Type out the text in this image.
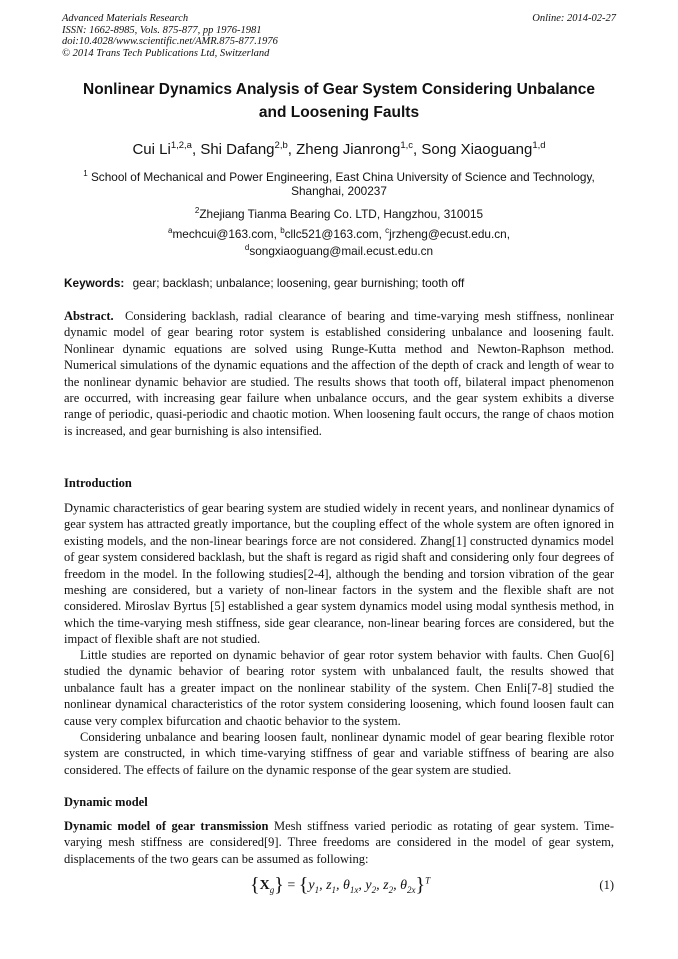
Advanced Materials Research
ISSN: 1662-8985, Vols. 875-877, pp 1976-1981
doi:10.4028/www.scientific.net/AMR.875-877.1976
© 2014 Trans Tech Publications Ltd, Switzerland
Online: 2014-02-27
Nonlinear Dynamics Analysis of Gear System Considering Unbalance
and Loosening Faults
Cui Li$^{1,2,a}$, Shi Dafang$^{2,b}$, Zheng Jianrong$^{1,c}$, Song Xiaoguang$^{1,d}$
$^1$ School of Mechanical and Power Engineering, East China University of Science and Technology,
Shanghai, 200237
$^2$Zhejiang Tianma Bearing Co. LTD, Hangzhou, 310015
$^a$mechcui@163.com, $^b$cllc521@163.com, $^c$jrzheng@ecust.edu.cn,
$^d$songxiaoguang@mail.ecust.edu.cn
Keywords: gear; backlash; unbalance; loosening, gear burnishing; tooth off
Abstract. Considering backlash, radial clearance of bearing and time-varying mesh stiffness, nonlinear dynamic model of gear bearing rotor system is established considering unbalance and loosening fault. Nonlinear dynamic equations are solved using Runge-Kutta method and Newton-Raphson method. Numerical simulations of the dynamic equations and the affection of the depth of crack and length of wear to the nonlinear dynamic behavior are studied. The results shows that tooth off, bilateral impact phenomenon are occurred, with increasing gear failure when unbalance occurs, and the gear system exhibits a diverse range of periodic, quasi-periodic and chaotic motion. When loosening fault occurs, the range of chaos motion is increased, and gear burnishing is also intensified.
Introduction
Dynamic characteristics of gear bearing system are studied widely in recent years, and nonlinear dynamics of gear system has attracted greatly importance, but the coupling effect of the whole system are often ignored in existing models, and the non-linear bearings force are not considered. Zhang[1] constructed dynamics model of gear system considered backlash, but the shaft is regard as rigid shaft and considering only four degrees of freedom in the model. In the following studies[2-4], although the bending and torsion vibration of the gear meshing are considered, but a variety of non-linear factors in the system and the flexible shaft are not considered. Miroslav Byrtus [5] established a gear system dynamics model using modal synthesis method, in which the time-varying mesh stiffness, side gear clearance, non-linear bearing forces are considered, but the impact of flexible shaft are not studied.
Little studies are reported on dynamic behavior of gear rotor system behavior with faults. Chen Guo[6] studied the dynamic behavior of bearing rotor system with unbalanced fault, the results showed that unbalance fault has a greater impact on the nonlinear stability of the system. Chen Enli[7-8] studied the nonlinear dynamical characteristics of the rotor system considering loosening, which found loosen fault can cause very complex bifurcation and chaotic behavior to the system.
Considering unbalance and bearing loosen fault, nonlinear dynamic model of gear bearing flexible rotor system are constructed, in which time-varying stiffness of gear and variable stiffness of bearing are also considered. The effects of failure on the dynamic response of the gear system are studied.
Dynamic model
Dynamic model of gear transmission Mesh stiffness varied periodic as rotating of gear system. Time-varying mesh stiffness are considered[9]. Three freedoms are considered in the model of gear system, displacements of the two gears can be assumed as following:
$\{X_g\} = \{y_1$, $z_1$, $\theta_{1x}$, $y_2$, $z_2$, $\theta_{2x}\}^T$	(1)
